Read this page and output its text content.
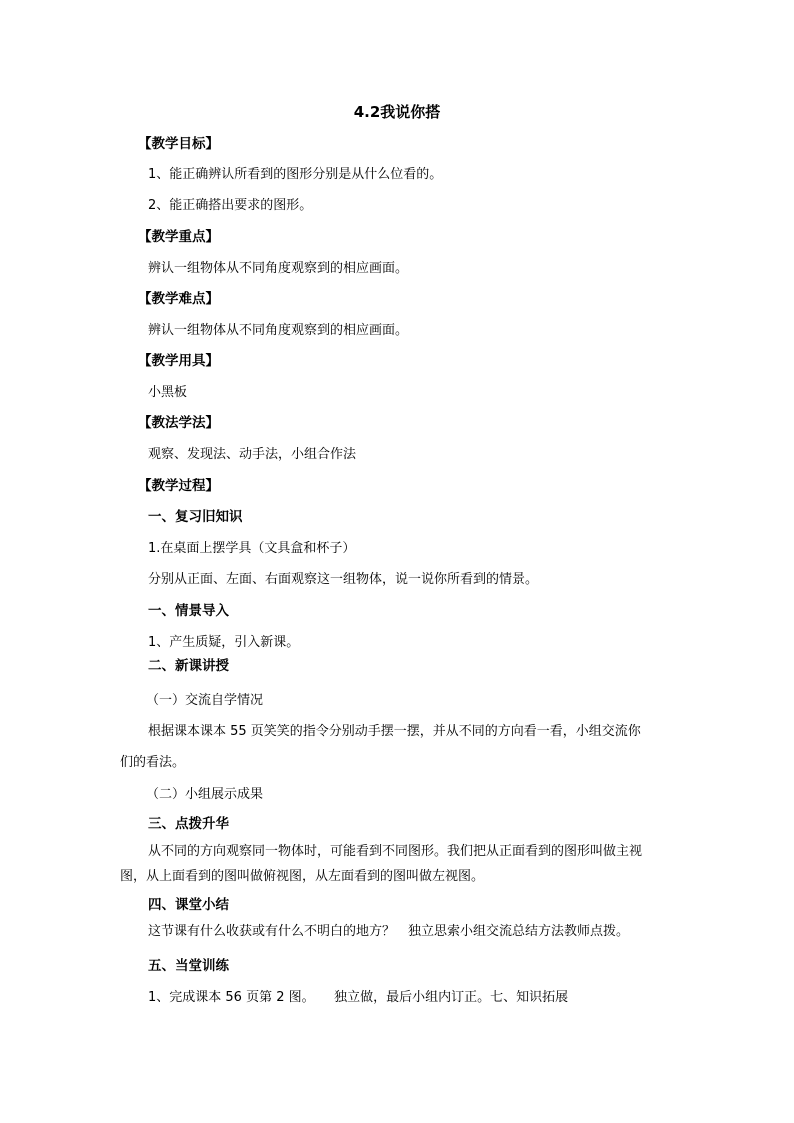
4.2我说你搭
【教学目标】
1、能正确辨认所看到的图形分别是从什么位看的。
2、能正确搭出要求的图形。
【教学重点】
辨认一组物体从不同角度观察到的相应画面。
【教学难点】
辨认一组物体从不同角度观察到的相应画面。
【教学用具】
小黑板
【教法学法】
观察、发现法、动手法，小组合作法
【教学过程】
一、复习旧知识
1.在桌面上摆学具（文具盒和杯子）
分别从正面、左面、右面观察这一组物体，说一说你所看到的情景。
一、情景导入
1、产生质疑，引入新课。
二、新课讲授
（一）交流自学情况
根据课本课本 55 页笑笑的指令分别动手摆一摆，并从不同的方向看一看，小组交流你
们的看法。
（二）小组展示成果
三、点拨升华
从不同的方向观察同一物体时，可能看到不同图形。我们把从正面看到的图形叫做主视
图，从上面看到的图叫做俯视图，从左面看到的图叫做左视图。
四、课堂小结
这节课有什么收获或有什么不明白的地方？　独立思索小组交流总结方法教师点拨。
五、当堂训练
1、完成课本 56 页第 2 图。　　独立做，最后小组内订正。七、知识拓展
